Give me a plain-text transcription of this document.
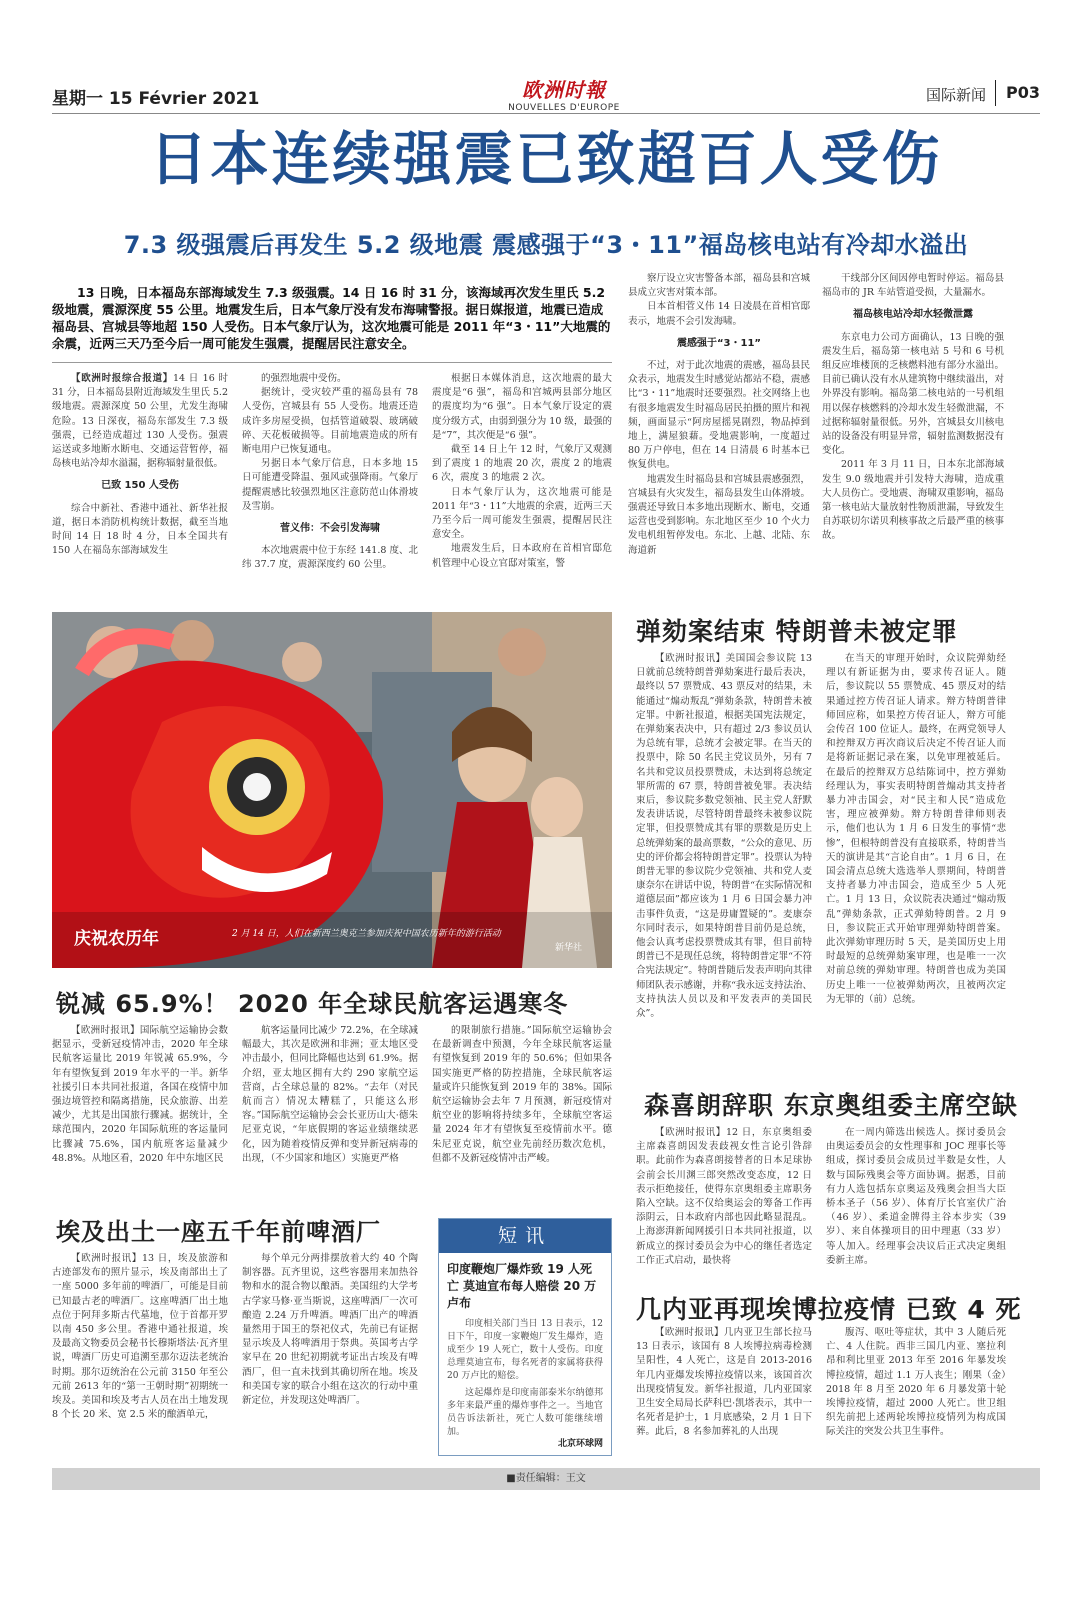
星期一 15 Février 2021	欧洲时報
NOUVELLES D'EUROPE
国际新闻 P03
日本连续强震已致超百人受伤
7.3 级强震后再发生 5.2 级地震 震感强于“3・11”福岛核电站有冷却水溢出
13 日晚，日本福岛东部海域发生 7.3 级强震。14 日 16 时 31 分，该海域再次发生里氏 5.2 级地震，震源深度 55 公里。地震发生后，日本气象厅没有发布海啸警报。据日媒报道，地震已造成福岛县、宫城县等地超 150 人受伤。日本气象厅认为，这次地震可能是 2011 年“3・11”大地震的余震，近两三天乃至今后一周可能发生强震，提醒居民注意安全。

【欧洲时报综合报道】14 日 16 时 31 分，日本福岛县附近海域发生里氏 5.2 级地震。震源深度 50 公里，尤发生海啸危险。13 日深夜，福岛东部发生 7.3 级强震，已经造成超过 130 人受伤。强震运送或多地断水断电、交通运营暂停，福岛核电站冷却水溢漏，据称辐射量很低。

已致 150 人受伤

综合中新社、香港中通社、新华社报道，据日本消防机构统计数据，截至当地时间 14 日 18 时 4 分，日本全国共有 150 人在福岛东部海域发生

的强烈地震中受伤。

据统计，受灾较严重的福岛县有 78 人受伤，宫城县有 55 人受伤。地震还造成许多房屋受损，包括管道破裂、玻璃破碎、天花板破损等。目前地震造成的所有断电用户已恢复通电。

另据日本气象厅信息，日本多地 15 日可能遭受降温、强风或强降雨。气象厅提醒震感比较强烈地区注意防范山体滑坡及雪崩。

菅义伟：不会引发海啸

本次地震震中位于东经 141.8 度、北纬 37.7 度，震源深度约 60 公里。

根据日本媒体消息，这次地震的最大震度是“6 强”，福岛和宫城两县部分地区的震度均为“6 强”。日本气象厅设定的震度分级方式，由弱到强分为 10 级，最强的是“7”，其次便是“6 强”。

截至 14 日上午 12 时，气象厅又观测到了震度 1 的地震 20 次，震度 2 的地震 6 次，震度 3 的地震 2 次。

日本气象厅认为，这次地震可能是 2011 年“3・11”大地震的余震，近两三天乃至今后一周可能发生强震，提醒居民注意安全。

地震发生后，日本政府在首相官邸危机管理中心设立官邸对策室，警

察厅设立灾害警备本部，福岛县和宫城县成立灾害对策本部。

日本首相菅义伟 14 日凌晨在首相官邸表示，地震不会引发海啸。

震感强于“3・11”

不过，对于此次地震的震感，福岛县民众表示，地震发生时感觉站都站不稳，震感比“3・11”地震时还要强烈。社交网络上也有很多地震发生时福岛居民拍摄的照片和视频，画面显示“阿房屋摇晃剧烈，物品掉到地上，满屋狼藉。受地震影响，一度超过 80 万户停电，但在 14 日清晨 6 时基本已恢复供电。

地震发生时福岛县和宫城县震感强烈，宫城县有火灾发生，福岛县发生山体滑坡。强震还导致日本多地出现断水、断电，交通运营也受到影响。东北地区至少 10 个火力发电机组暂停发电。东北、上越、北陆、东海道新

干线部分区间因停电暂时停运。福岛县福岛市的 JR 车站管道受损，大量漏水。

福岛核电站冷却水轻微泄露

东京电力公司方面确认，13 日晚的强震发生后，福岛第一核电站 5 号和 6 号机组反应堆楼顶的乏核燃料池有部分水溢出。目前已确认没有水从建筑物中继续溢出，对外界没有影响。福岛第二核电站的一号机组用以保存核燃料的冷却水发生轻微泄漏，不过据称辐射量很低。另外，宫城县女川核电站的设备没有明显异常，辐射监测数据没有变化。

2011 年 3 月 11 日，日本东北部海域发生 9.0 级地震并引发特大海啸，造成重大人员伤亡。受地震、海啸双重影响，福岛第一核电站大量放射性物质泄漏，导致发生自苏联切尔诺贝利核事故之后最严重的核事故。

庆祝农历年	2 月 14 日，人们在新西兰奥克兰参加庆祝中国农历新年的游行活动
新华社
弹劾案结束 特朗普未被定罪

【欧洲时报讯】美国国会参议院 13 日就前总统特朗普弹劾案进行最后表决，最终以 57 票赞成、43 票反对的结果，未能通过“煽动叛乱”弹劾条款，特朗普未被定罪。中新社报道，根据美国宪法规定，在弹劾案表决中，只有超过 2/3 参议员认为总统有罪，总统才会被定罪。在当天的投票中，除 50 名民主党议员外，另有 7 名共和党议员投票赞成，未达到将总统定罪所需的 67 票，特朗普被免罪。表决结束后，参议院多数党领袖、民主党人舒默发表讲话说，尽管特朗普最终未被参议院定罪，但投票赞成其有罪的票数是历史上总统弹劾案的最高票数，“公众的意见、历史的评价都会将特朗普定罪”。投票认为特朗普无罪的参议院少党领袖、共和党人麦康奈尔在讲话中说，特朗普“在实际情况和道德层面”都应该为 1 月 6 日国会暴力冲击事件负责，“这是毋庸置疑的”。麦康奈尔同时表示，如果特朗普目前仍是总统，他会认真考虑投票赞成其有罪，但目前特朗普已不是现任总统，将特朗普定罪“不符合宪法规定”。特朗普随后发表声明向其律师团队表示感谢，并称“我永远支持法治、支持执法人员以及和平发表声的美国民众”。

在当天的审理开始时，众议院弹劾经理以有新证据为由，要求传召证人。随后，参议院以 55 票赞成、45 票反对的结果通过控方传召证人请求。辩方特朗普律师回应称，如果控方传召证人，辩方可能会传召 100 位证人。最终，在两党领导人和控辩双方再次商议后决定不传召证人而是将新证据记录在案，以免审理被延后。在最后的控辩双方总结陈词中，控方弹劾经理认为，事实表明特朗普煽动其支持者暴力冲击国会，对“民主和人民”造成危害，理应被弹劾。辩方特朗普律师则表示，他们也认为 1 月 6 日发生的事情“悲惨”，但根特朗普没有直接联系，特朗普当天的演讲是其“言论自由”。1 月 6 日，在国会清点总统大选选举人票期间，特朗普支持者暴力冲击国会，造成至少 5 人死亡。1 月 13 日，众议院表决通过“煽动叛乱”弹劾条款，正式弹劾特朗普。2 月 9 日，参议院正式开始审理弹劾特朗普案。此次弹劾审理历时 5 天，是美国历史上用时最短的总统弹劾案审理，也是唯一一次对前总统的弹劾审理。特朗普也成为美国历史上唯一一位被弹劾两次，且被两次定为无罪的（前）总统。

森喜朗辞职 东京奥组委主席空缺

【欧洲时报讯】12 日，东京奥组委主席森喜朗因发表歧视女性言论引咎辞职。此前作为森喜朗接替者的日本足球协会前会长川渊三郎突然改变态度，12 日表示拒绝接任，使得东京奥组委主席职务陷入空缺。这不仅给奥运会的筹备工作再添阴云，日本政府内部也因此略显混乱。上海澎湃新闻网援引日本共同社报道，以新成立的探讨委员会为中心的继任者选定工作正式启动，最快将

在一周内筛选出候选人。探讨委员会由奥运委员会的女性理事和 JOC 理事长等组成，探讨委员会成员过半数是女性，人数与国际残奥会等方面协调。据悉，目前有力人选包括东京奥运及残奥会担当大臣桥本圣子（56 岁）、体育厅长官室伏广治（46 岁）、柔道金牌得主谷本步实（39 岁）、来自体操项目的田中理惠（33 岁）等人加入。经理事会决议后正式决定奥组委新主席。

几内亚再现埃博拉疫情 已致 4 死

【欧洲时报讯】几内亚卫生部长拉马 13 日表示，该国有 8 人埃博拉病毒检测呈阳性，4 人死亡，这是自 2013-2016 年几内亚爆发埃博拉疫情以来，该国首次出现疫情复发。新华社报道，几内亚国家卫生安全局局长萨科巴·凯塔表示，其中一名死者是护士，1 月底感染，2 月 1 日下葬。此后，8 名参加葬礼的人出现

腹泻、呕吐等症状，其中 3 人随后死亡、4 人住院。西非三国几内亚、塞拉利昂和利比里亚 2013 年至 2016 年暴发埃博拉疫情，超过 1.1 万人丧生；刚果（金）2018 年 8 月至 2020 年 6 月暴发第十轮埃博拉疫情，超过 2000 人死亡。世卫组织先前把上述两轮埃博拉疫情列为构成国际关注的突发公共卫生事件。

锐减 65.9%！ 2020 年全球民航客运遇寒冬

【欧洲时报讯】国际航空运输协会数据显示，受新冠疫情冲击，2020 年全球民航客运量比 2019 年锐减 65.9%，今年有望恢复到 2019 年水平的一半。新华社援引日本共同社报道，各国在疫情中加强边境管控和隔离措施，民众旅游、出差减少，尤其是出国旅行骤减。据统计，全球范围内，2020 年国际航班的客运量同比骤减 75.6%，国内航班客运量减少 48.8%。从地区看，2020 年中东地区民

航客运量同比减少 72.2%，在全球减幅最大，其次是欧洲和非洲；亚太地区受冲击最小，但同比降幅也达到 61.9%。据介绍，亚太地区拥有大约 290 家航空运营商，占全球总量的 82%。“去年（对民航而言）情况太糟糕了，只能这么形容。”国际航空运输协会会长亚历山大·德朱尼亚克说，“年底假期的客运业绩继续恶化，因为随着疫情反弹和变异新冠病毒的出现，（不少国家和地区）实施更严格

的限制旅行措施。”国际航空运输协会在最新调查中预测，今年全球民航客运量有望恢复到 2019 年的 50.6%；但如果各国实施更严格的防控措施，全球民航客运量或许只能恢复到 2019 年的 38%。国际航空运输协会去年 7 月预测，新冠疫情对航空业的影响将持续多年，全球航空客运量 2024 年才有望恢复至疫情前水平。德朱尼亚克说，航空业先前经历数次危机，但都不及新冠疫情冲击严峻。

埃及出土一座五千年前啤酒厂

【欧洲时报讯】13 日，埃及旅游和古迹部发布的照片显示，埃及南部出土了一座 5000 多年前的啤酒厂，可能是目前已知最古老的啤酒厂。这座啤酒厂出土地点位于阿拜多斯古代墓地，位于首都开罗以南 450 多公里。香港中通社报道，埃及最高文物委员会秘书长穆斯塔法·瓦齐里说，啤酒厂历史可追溯至那尔迈法老统治时期。那尔迈统治在公元前 3150 年至公元前 2613 年的“第一王朝时期”初期统一埃及。美国和埃及考古人员在出土地发现 8 个长 20 米、宽 2.5 米的酿酒单元，

每个单元分两排摆放着大约 40 个陶制容器。瓦齐里说，这些容器用来加热谷物和水的混合物以酿酒。美国纽约大学考古学家马修·亚当斯说，这座啤酒厂一次可酿造 2.24 万升啤酒。啤酒厂出产的啤酒量然用于国王的祭祀仪式，先前已有证据显示埃及人将啤酒用于祭典。英国考古学家早在 20 世纪初期就考证出古埃及有啤酒厂，但一直未找到其确切所在地。埃及和美国专家的联合小组在这次的行动中重新定位，并发现这处啤酒厂。

短讯
印度鞭炮厂爆炸致 19 人死亡 莫迪宣布每人赔偿 20 万卢布
印度相关部门当日 13 日表示，12 日下午，印度一家鞭炮厂发生爆炸，造成至少 19 人死亡，数十人受伤。印度总理莫迪宣布，每名死者的家属将获得 20 万卢比的赔偿。
这起爆炸是印度南部泰米尔纳德邦多年来最严重的爆炸事件之一。当地官员告诉法新社，死亡人数可能继续增加。
北京环球网
■责任编辑：王文
